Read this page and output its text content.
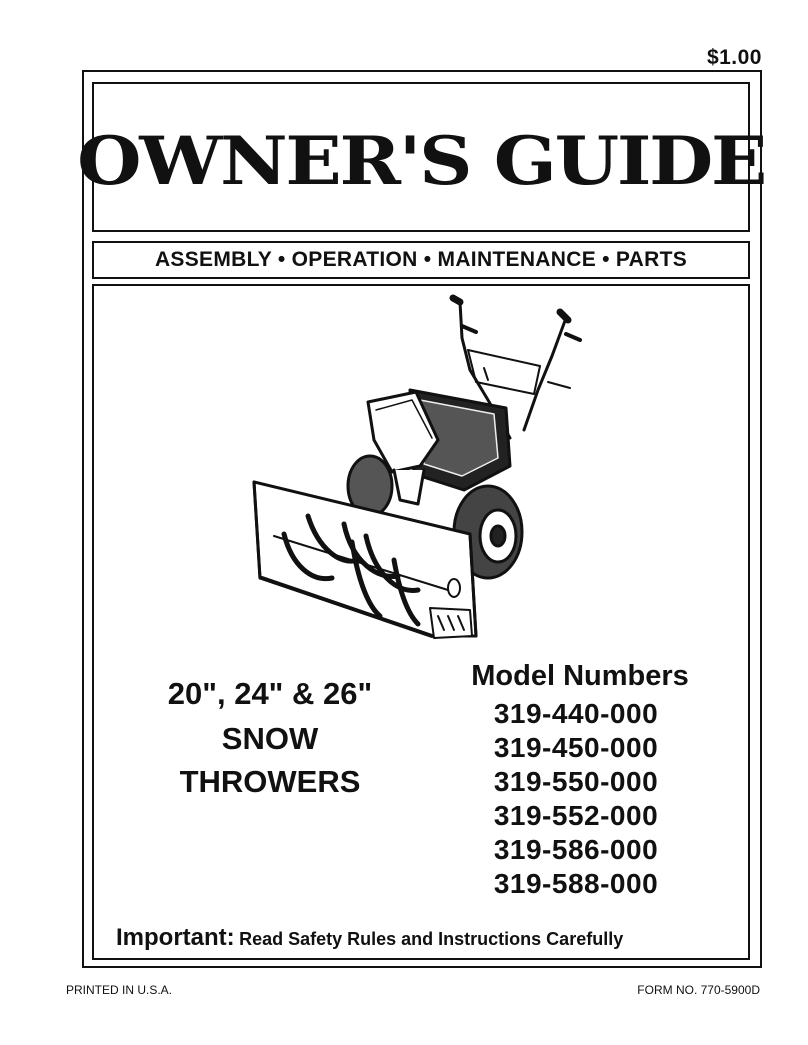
$1.00
OWNER'S GUIDE
ASSEMBLY • OPERATION • MAINTENANCE • PARTS
20", 24" & 26"
SNOW
THROWERS
Model Numbers
319-440-000
319-450-000
319-550-000
319-552-000
319-586-000
319-588-000
Important: Read Safety Rules and Instructions Carefully
PRINTED IN U.S.A.	FORM NO. 770-5900D
